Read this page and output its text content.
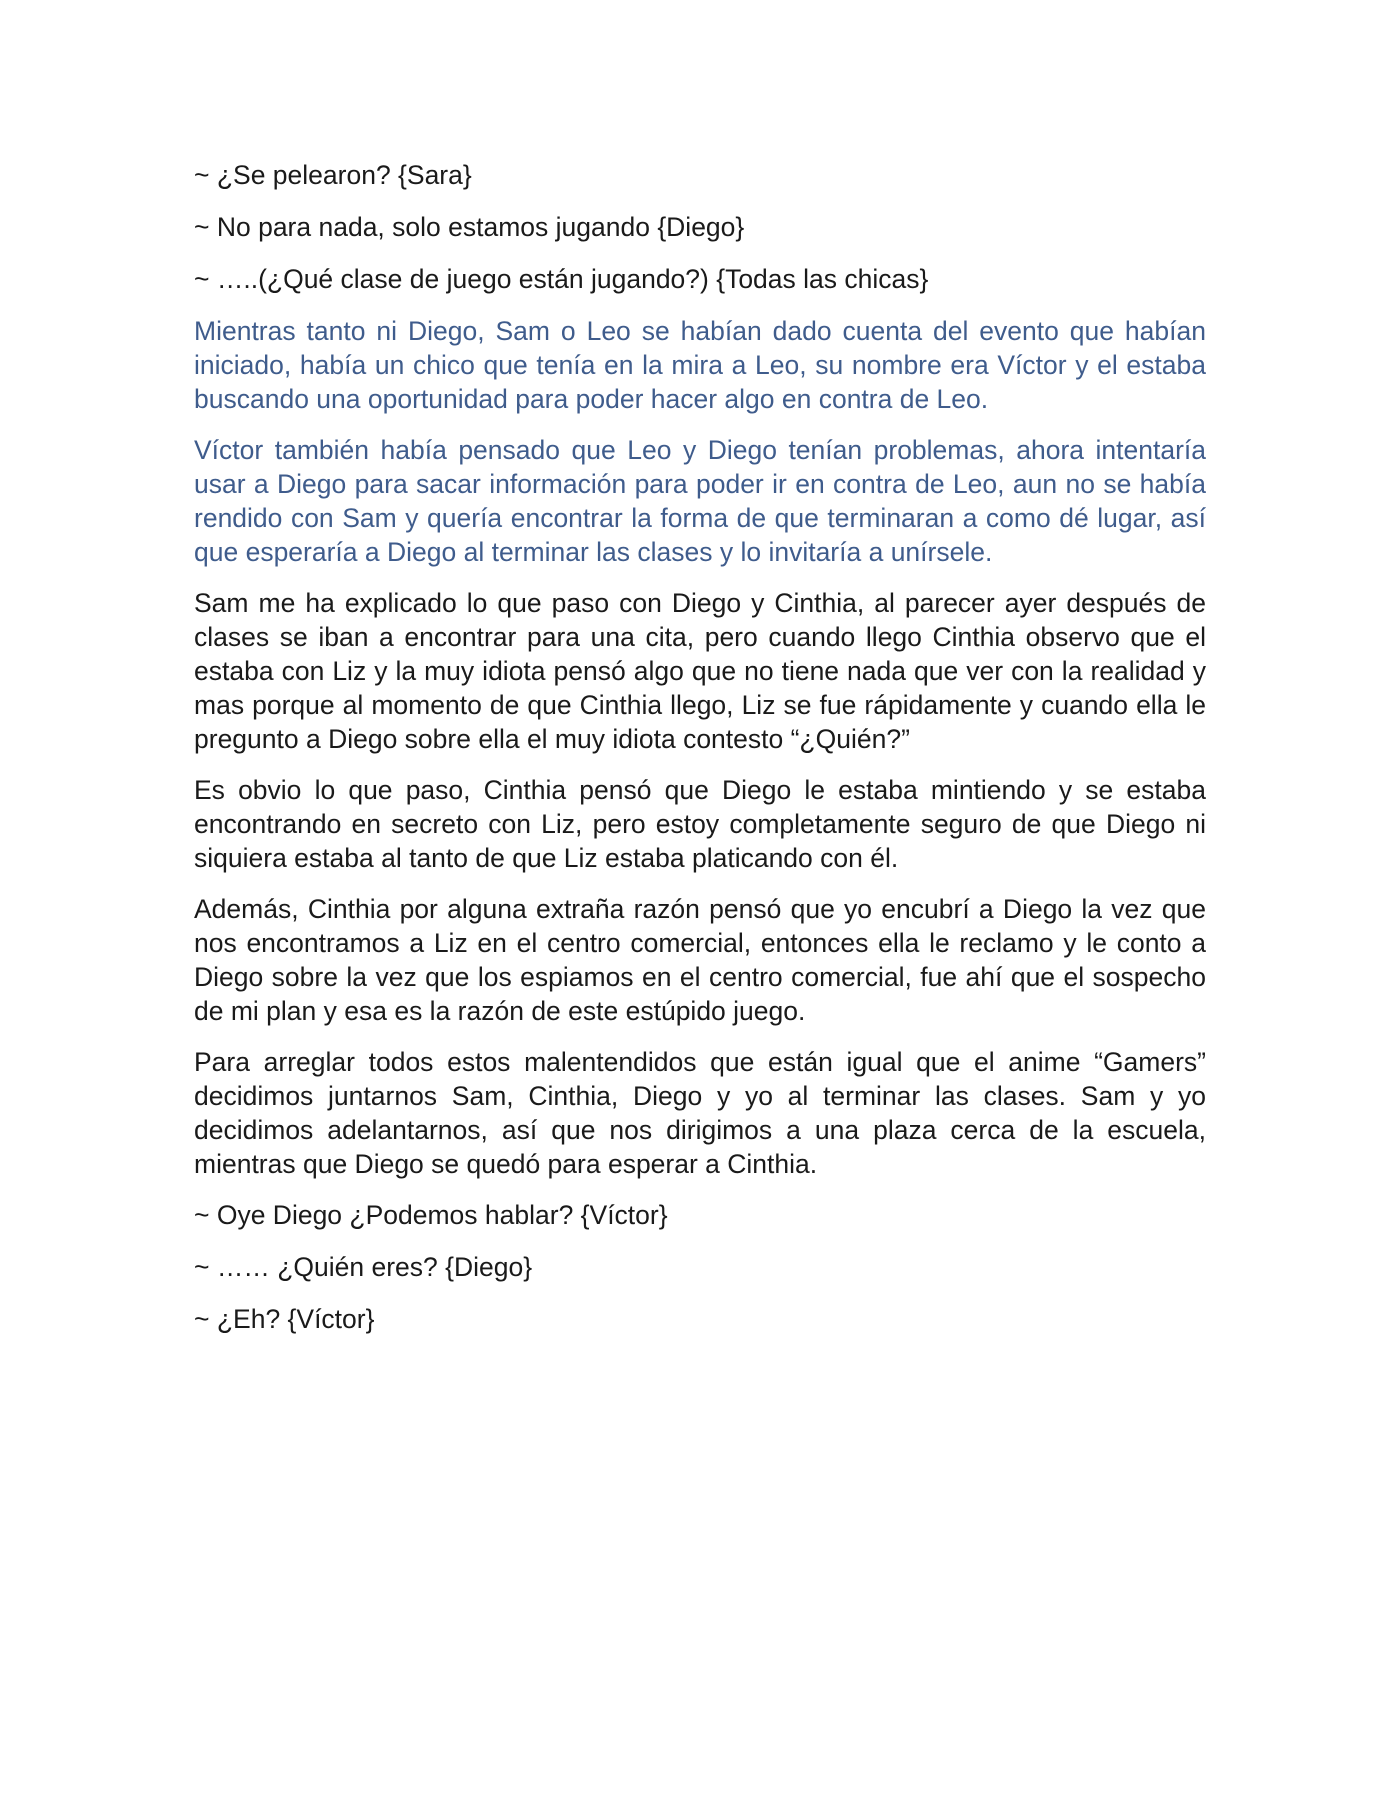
~ ¿Se pelearon? {Sara}

~ No para nada, solo estamos jugando {Diego}

~ …..(¿Qué clase de juego están jugando?) {Todas las chicas}

Mientras tanto ni Diego, Sam o Leo se habían dado cuenta del evento que habían iniciado, había un chico que tenía en la mira a Leo, su nombre era Víctor y el estaba buscando una oportunidad para poder hacer algo en contra de Leo.

Víctor también había pensado que Leo y Diego tenían problemas, ahora intentaría usar a Diego para sacar información para poder ir en contra de Leo, aun no se había rendido con Sam y quería encontrar la forma de que terminaran a como dé lugar, así que esperaría a Diego al terminar las clases y lo invitaría a unírsele.

Sam me ha explicado lo que paso con Diego y Cinthia, al parecer ayer después de clases se iban a encontrar para una cita, pero cuando llego Cinthia observo que el estaba con Liz y la muy idiota pensó algo que no tiene nada que ver con la realidad y mas porque al momento de que Cinthia llego, Liz se fue rápidamente y cuando ella le pregunto a Diego sobre ella el muy idiota contesto “¿Quién?”

Es obvio lo que paso, Cinthia pensó que Diego le estaba mintiendo y se estaba encontrando en secreto con Liz, pero estoy completamente seguro de que Diego ni siquiera estaba al tanto de que Liz estaba platicando con él.

Además, Cinthia por alguna extraña razón pensó que yo encubrí a Diego la vez que nos encontramos a Liz en el centro comercial, entonces ella le reclamo y le conto a Diego sobre la vez que los espiamos en el centro comercial, fue ahí que el sospecho de mi plan y esa es la razón de este estúpido juego.

Para arreglar todos estos malentendidos que están igual que el anime “Gamers” decidimos juntarnos Sam, Cinthia, Diego y yo al terminar las clases. Sam y yo decidimos adelantarnos, así que nos dirigimos a una plaza cerca de la escuela, mientras que Diego se quedó para esperar a Cinthia.

~ Oye Diego ¿Podemos hablar? {Víctor}

~ …… ¿Quién eres? {Diego}

~ ¿Eh? {Víctor}
